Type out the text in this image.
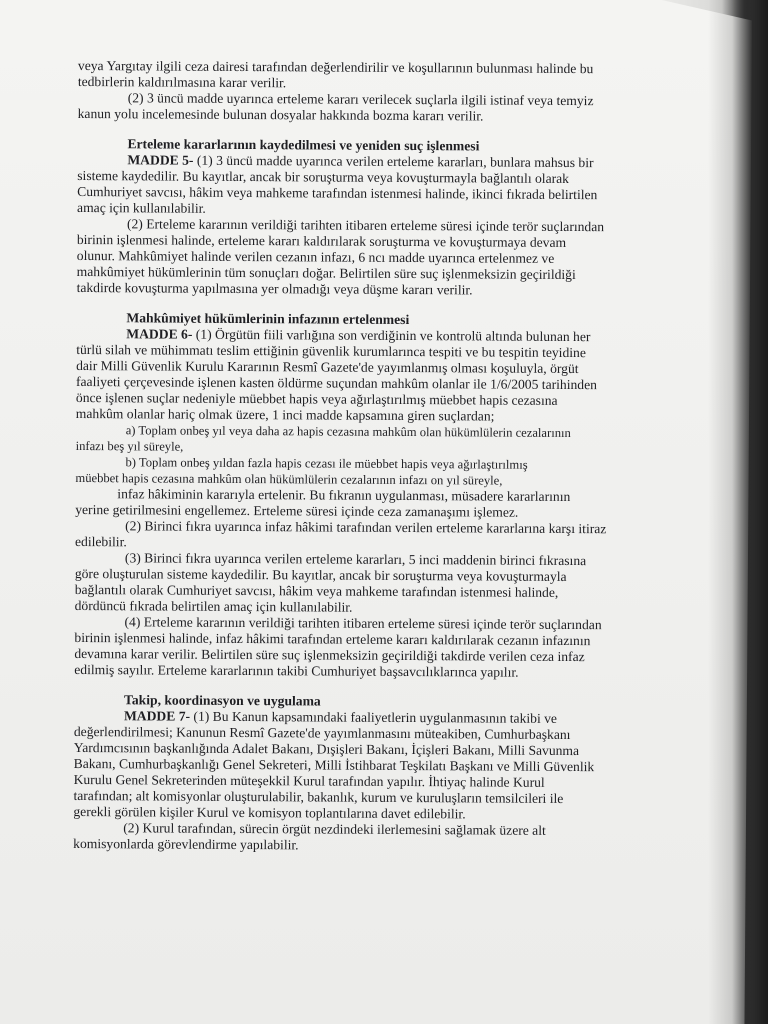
veya Yargıtay ilgili ceza dairesi tarafından değerlendirilir ve koşullarının bulunması halinde bu
tedbirlerin kaldırılmasına karar verilir.
(2) 3 üncü madde uyarınca erteleme kararı verilecek suçlarla ilgili istinaf veya temyiz
kanun yolu incelemesinde bulunan dosyalar hakkında bozma kararı verilir.
Erteleme kararlarının kaydedilmesi ve yeniden suç işlenmesi
MADDE 5- (1) 3 üncü madde uyarınca verilen erteleme kararları, bunlara mahsus bir
sisteme kaydedilir. Bu kayıtlar, ancak bir soruşturma veya kovuşturmayla bağlantılı olarak
Cumhuriyet savcısı, hâkim veya mahkeme tarafından istenmesi halinde, ikinci fıkrada belirtilen
amaç için kullanılabilir.
(2) Erteleme kararının verildiği tarihten itibaren erteleme süresi içinde terör suçlarından
birinin işlenmesi halinde, erteleme kararı kaldırılarak soruşturma ve kovuşturmaya devam
olunur. Mahkûmiyet halinde verilen cezanın infazı, 6 ncı madde uyarınca ertelenmez ve
mahkûmiyet hükümlerinin tüm sonuçları doğar. Belirtilen süre suç işlenmeksizin geçirildiği
takdirde kovuşturma yapılmasına yer olmadığı veya düşme kararı verilir.
Mahkûmiyet hükümlerinin infazının ertelenmesi
MADDE 6- (1) Örgütün fiili varlığına son verdiğinin ve kontrolü altında bulunan her
türlü silah ve mühimmatı teslim ettiğinin güvenlik kurumlarınca tespiti ve bu tespitin teyidine
dair Milli Güvenlik Kurulu Kararının Resmî Gazete'de yayımlanmış olması koşuluyla, örgüt
faaliyeti çerçevesinde işlenen kasten öldürme suçundan mahkûm olanlar ile 1/6/2005 tarihinden
önce işlenen suçlar nedeniyle müebbet hapis veya ağırlaştırılmış müebbet hapis cezasına
mahkûm olanlar hariç olmak üzere, 1 inci madde kapsamına giren suçlardan;
a) Toplam onbeş yıl veya daha az hapis cezasına mahkûm olan hükümlülerin cezalarının
infazı beş yıl süreyle,
b) Toplam onbeş yıldan fazla hapis cezası ile müebbet hapis veya ağırlaştırılmış
müebbet hapis cezasına mahkûm olan hükümlülerin cezalarının infazı on yıl süreyle,
infaz hâkiminin kararıyla ertelenir. Bu fıkranın uygulanması, müsadere kararlarının
yerine getirilmesini engellemez. Erteleme süresi içinde ceza zamanaşımı işlemez.
(2) Birinci fıkra uyarınca infaz hâkimi tarafından verilen erteleme kararlarına karşı itiraz
edilebilir.
(3) Birinci fıkra uyarınca verilen erteleme kararları, 5 inci maddenin birinci fıkrasına
göre oluşturulan sisteme kaydedilir. Bu kayıtlar, ancak bir soruşturma veya kovuşturmayla
bağlantılı olarak Cumhuriyet savcısı, hâkim veya mahkeme tarafından istenmesi halinde,
dördüncü fıkrada belirtilen amaç için kullanılabilir.
(4) Erteleme kararının verildiği tarihten itibaren erteleme süresi içinde terör suçlarından
birinin işlenmesi halinde, infaz hâkimi tarafından erteleme kararı kaldırılarak cezanın infazının
devamına karar verilir. Belirtilen süre suç işlenmeksizin geçirildiği takdirde verilen ceza infaz
edilmiş sayılır. Erteleme kararlarının takibi Cumhuriyet başsavcılıklarınca yapılır.
Takip, koordinasyon ve uygulama
MADDE 7- (1) Bu Kanun kapsamındaki faaliyetlerin uygulanmasının takibi ve
değerlendirilmesi; Kanunun Resmî Gazete'de yayımlanmasını müteakiben, Cumhurbaşkanı
Yardımcısının başkanlığında Adalet Bakanı, Dışişleri Bakanı, İçişleri Bakanı, Milli Savunma
Bakanı, Cumhurbaşkanlığı Genel Sekreteri, Milli İstihbarat Teşkilatı Başkanı ve Milli Güvenlik
Kurulu Genel Sekreterinden müteşekkil Kurul tarafından yapılır. İhtiyaç halinde Kurul
tarafından; alt komisyonlar oluşturulabilir, bakanlık, kurum ve kuruluşların temsilcileri ile
gerekli görülen kişiler Kurul ve komisyon toplantılarına davet edilebilir.
(2) Kurul tarafından, sürecin örgüt nezdindeki ilerlemesini sağlamak üzere alt
komisyonlarda görevlendirme yapılabilir.
